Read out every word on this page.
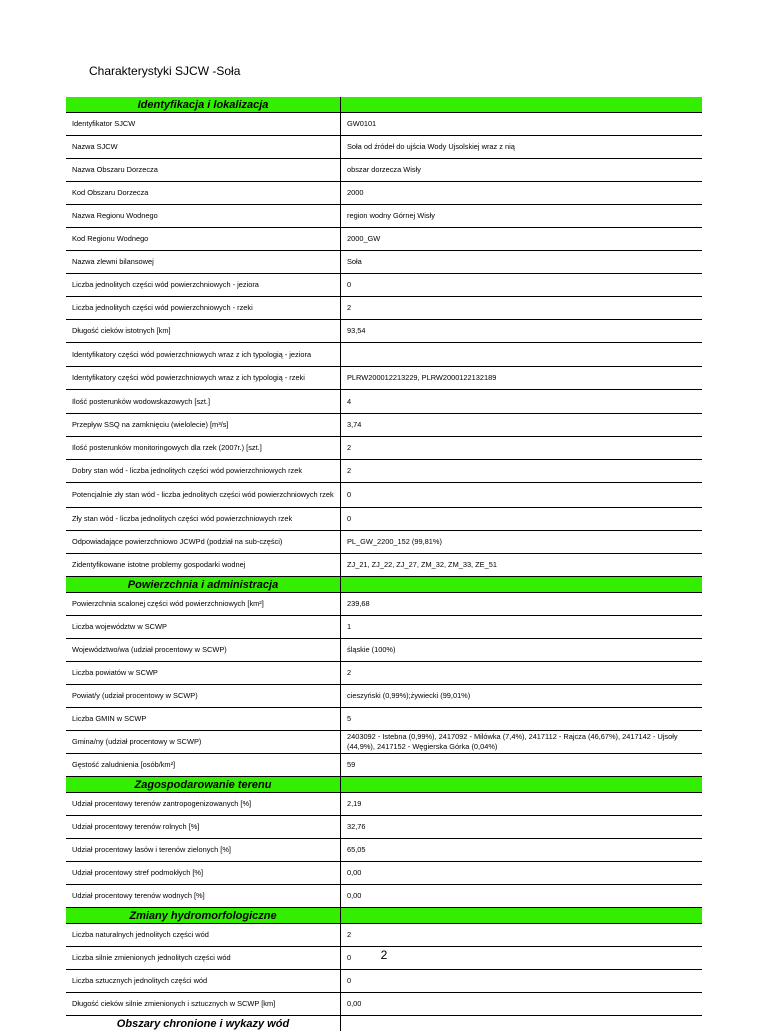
Charakterystyki SJCW -Soła
Identyfikacja i lokalizacja
Identyfikator SJCW	GW0101
Nazwa SJCW	Soła od źródeł do ujścia Wody Ujsolskiej wraz z nią
Nazwa Obszaru Dorzecza	obszar dorzecza Wisły
Kod Obszaru Dorzecza	2000
Nazwa Regionu Wodnego	region wodny Górnej Wisły
Kod Regionu Wodnego	2000_GW
Nazwa zlewni bilansowej	Soła
Liczba jednolitych części wód powierzchniowych - jeziora	0
Liczba jednolitych części wód powierzchniowych - rzeki	2
Długość cieków istotnych [km]	93,54
Identyfikatory części wód powierzchniowych wraz z ich typologią - jeziora
Identyfikatory części wód powierzchniowych wraz z ich typologią - rzeki	PLRW200012213229, PLRW2000122132189
Ilość posterunków wodowskazowych [szt.]	4
Przepływ SSQ na zamknięciu (wielolecie) [m³/s]	3,74
Ilość posterunków monitoringowych dla rzek (2007r.) [szt.]	2
Dobry stan wód - liczba jednolitych części wód powierzchniowych rzek	2
Potencjalnie zły stan wód - liczba jednolitych części wód powierzchniowych rzek	0
Zły stan wód - liczba jednolitych części wód powierzchniowych rzek	0
Odpowiadające powierzchniowo JCWPd (podział na sub-części)	PL_GW_2200_152 (99,81%)
Zidentyfikowane istotne problemy gospodarki wodnej	ZJ_21, ZJ_22, ZJ_27, ZM_32, ZM_33, ZE_51
Powierzchnia i administracja
Powierzchnia scalonej części wód powierzchniowych [km²]	239,68
Liczba województw w SCWP	1
Województwo/wa (udział procentowy w SCWP)	śląskie (100%)
Liczba powiatów w SCWP	2
Powiat/y (udział procentowy w SCWP)	cieszyński (0,99%);żywiecki (99,01%)
Liczba GMIN w SCWP	5
Gmina/ny (udział procentowy w SCWP)
2403092 - Istebna (0,99%), 2417092 - Milówka (7,4%), 2417112 - Rajcza (46,67%), 2417142 - Ujsoły (44,9%), 2417152 - Węgierska Górka (0,04%)
Gęstość zaludnienia [osób/km²]	59
Zagospodarowanie terenu
Udział procentowy terenów zantropogenizowanych [%]	2,19
Udział procentowy terenów rolnych [%]	32,76
Udział procentowy lasów i terenów zielonych [%]	65,05
Udział procentowy stref podmokłych [%]	0,00
Udział procentowy terenów wodnych [%]	0,00
Zmiany hydromorfologiczne
Liczba naturalnych jednolitych części wód	2
Liczba silnie zmienionych jednolitych części wód	0
Liczba sztucznych jednolitych części wód	0
Długość cieków silnie zmienionych i sztucznych w SCWP [km]	0,00
Obszary chronione i wykazy wód
2
